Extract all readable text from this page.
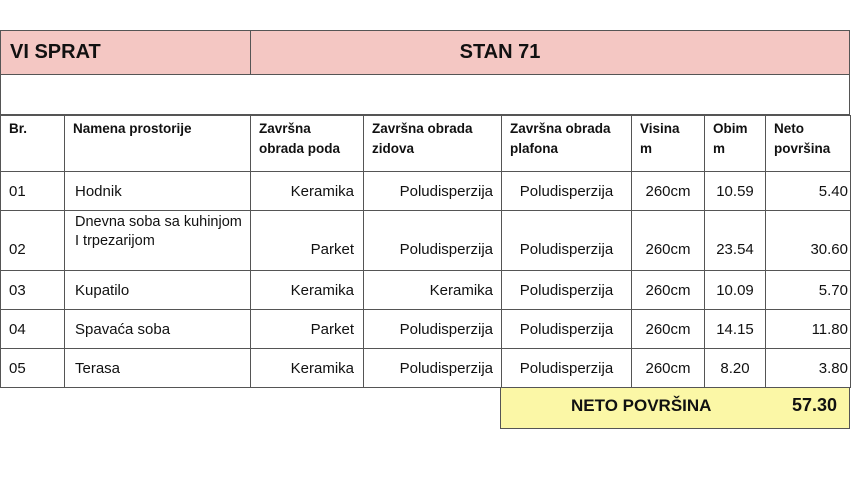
VI SPRAT	STAN 71
Br.	Namena prostorije	Završna obrada poda	Završna obrada zidova	Završna obrada plafona	Visina m	Obim m	Neto površina
01	Hodnik	Keramika	Poludisperzija	Poludisperzija	260cm	10.59	5.40
02	Dnevna soba sa kuhinjom I trpezarijom	Parket	Poludisperzija	Poludisperzija	260cm	23.54	30.60
03	Kupatilo	Keramika	Keramika	Poludisperzija	260cm	10.09	5.70
04	Spavaća soba	Parket	Poludisperzija	Poludisperzija	260cm	14.15	11.80
05	Terasa	Keramika	Poludisperzija	Poludisperzija	260cm	8.20	3.80
NETO POVRŠINA	57.30
